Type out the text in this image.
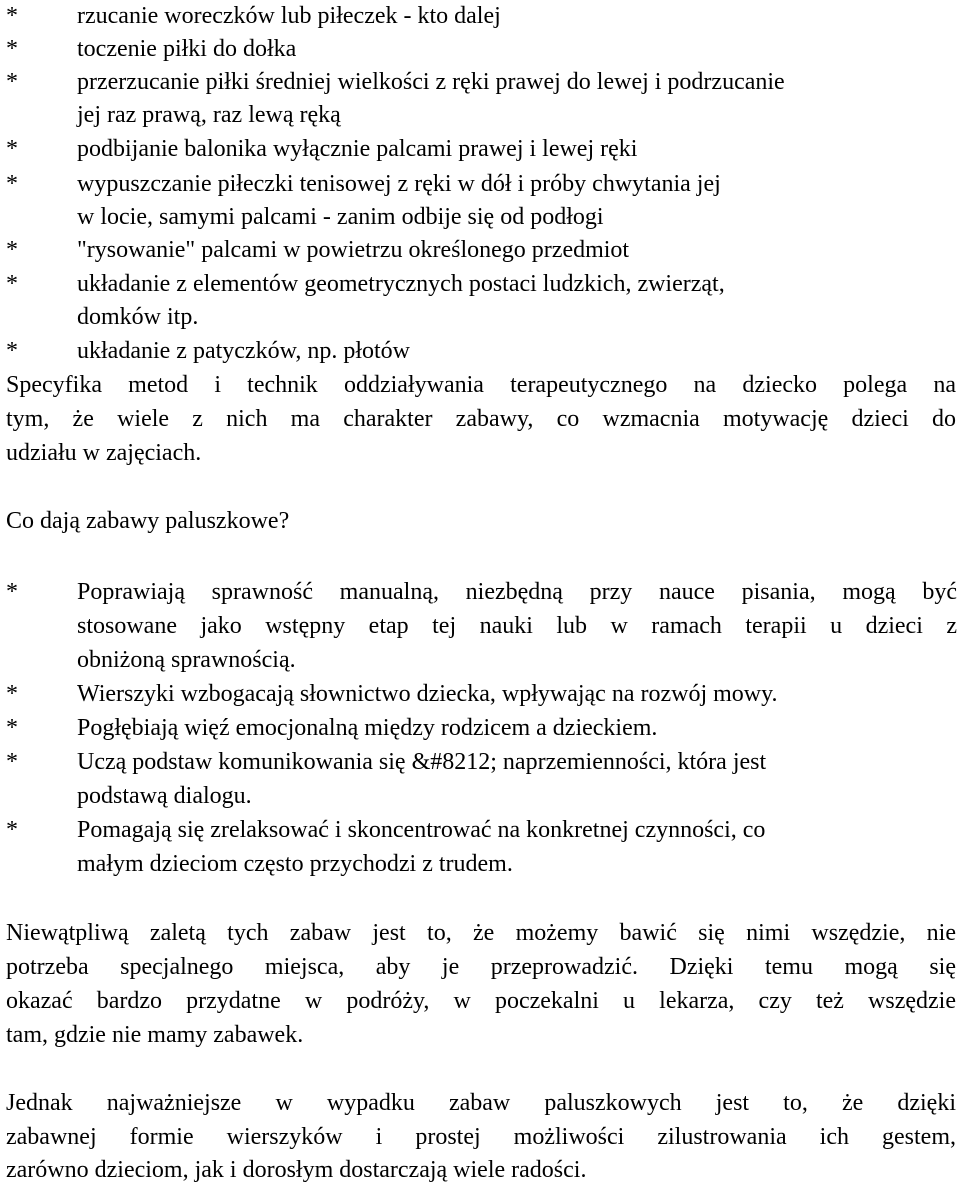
*	rzucanie woreczków lub piłeczek - kto dalej
*	toczenie piłki do dołka
*	przerzucanie piłki średniej wielkości z ręki prawej do lewej i podrzucanie
jej raz prawą, raz lewą ręką
*	podbijanie balonika wyłącznie palcami prawej i lewej ręki
*	wypuszczanie piłeczki tenisowej z ręki w dół i próby chwytania jej
w locie, samymi palcami - zanim odbije się od podłogi
*	"rysowanie" palcami w powietrzu określonego przedmiot
*	układanie z elementów geometrycznych postaci ludzkich, zwierząt,
domków itp.
*	układanie z patyczków, np. płotów
Specyfika metod i technik oddziaływania terapeutycznego na dziecko polega na
tym, że wiele z nich ma charakter zabawy, co wzmacnia motywację dzieci do
udziału w zajęciach.
Co dają zabawy paluszkowe?
*	Poprawiają sprawność manualną, niezbędną przy nauce pisania, mogą być
stosowane jako wstępny etap tej nauki lub w ramach terapii u dzieci z
obniżoną sprawnością.
*	Wierszyki wzbogacają słownictwo dziecka, wpływając na rozwój mowy.
*	Pogłębiają więź emocjonalną między rodzicem a dzieckiem.
*	Uczą podstaw komunikowania się &#8212; naprzemienności, która jest
podstawą dialogu.
*	Pomagają się zrelaksować i skoncentrować na konkretnej czynności, co
małym dzieciom często przychodzi z trudem.
Niewątpliwą zaletą tych zabaw jest to, że możemy bawić się nimi wszędzie, nie
potrzeba specjalnego miejsca, aby je przeprowadzić. Dzięki temu mogą się
okazać bardzo przydatne w podróży, w poczekalni u lekarza, czy też wszędzie
tam, gdzie nie mamy zabawek.
Jednak najważniejsze w wypadku zabaw paluszkowych jest to, że dzięki
zabawnej formie wierszyków i prostej możliwości zilustrowania ich gestem,
zarówno dzieciom, jak i dorosłym dostarczają wiele radości.
